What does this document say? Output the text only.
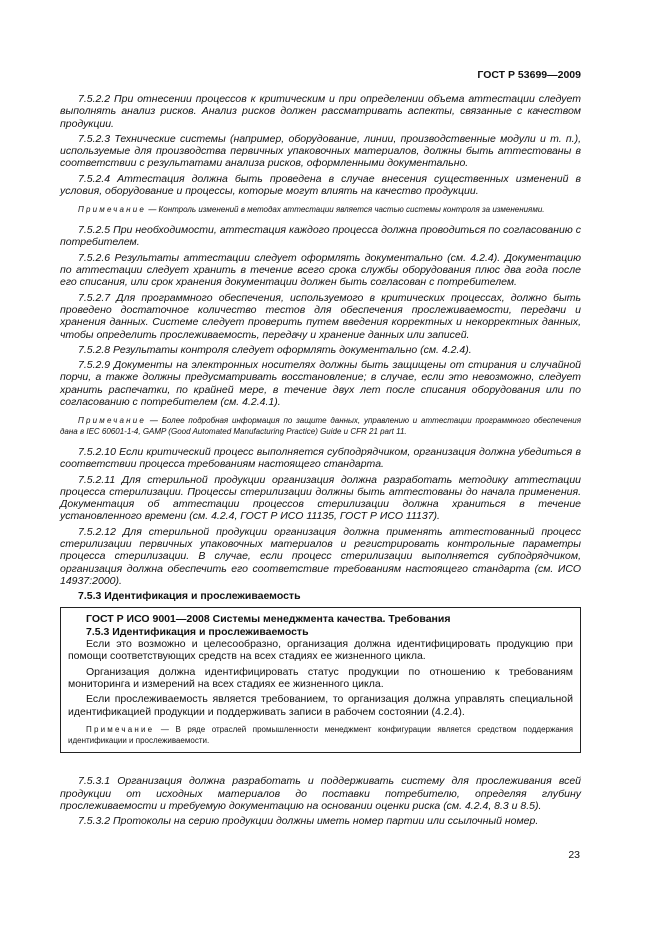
ГОСТ Р 53699—2009

7.5.2.2 При отнесении процессов к критическим и при определении объема аттестации следует выполнять анализ рисков. Анализ рисков должен рассматривать аспекты, связанные с качеством продукции.

7.5.2.3 Технические системы (например, оборудование, линии, производственные модули и т. п.), используемые для производства первичных упаковочных материалов, должны быть аттестованы в соответствии с результатами анализа рисков, оформленными документально.

7.5.2.4 Аттестация должна быть проведена в случае внесения существенных изменений в условия, оборудование и процессы, которые могут влиять на качество продукции.

Примечание — Контроль изменений в методах аттестации является частью системы контроля за изменениями.

7.5.2.5 При необходимости, аттестация каждого процесса должна проводиться по согласованию с потребителем.

7.5.2.6 Результаты аттестации следует оформлять документально (см. 4.2.4). Документацию по аттестации следует хранить в течение всего срока службы оборудования плюс два года после его списания, или срок хранения документации должен быть согласован с потребителем.

7.5.2.7 Для программного обеспечения, используемого в критических процессах, должно быть проведено достаточное количество тестов для обеспечения прослеживаемости, передачи и хранения данных. Системе следует проверить путем введения корректных и некорректных данных, чтобы определить прослеживаемость, передачу и хранение данных или записей.

7.5.2.8 Результаты контроля следует оформлять документально (см. 4.2.4).

7.5.2.9 Документы на электронных носителях должны быть защищены от стирания и случайной порчи, а также должны предусматривать восстановление; в случае, если это невозможно, следует хранить распечатки, по крайней мере, в течение двух лет после списания оборудования или по согласованию с потребителем (см. 4.2.4.1).

Примечание — Более подробная информация по защите данных, управлению и аттестации программного обеспечения дана в IEC 60601-1-4, GAMP (Good Automated Manufacturing Practice) Guide и CFR 21 part 11.

7.5.2.10 Если критический процесс выполняется субподрядчиком, организация должна убедиться в соответствии процесса требованиям настоящего стандарта.

7.5.2.11 Для стерильной продукции организация должна разработать методику аттестации процесса стерилизации. Процессы стерилизации должны быть аттестованы до начала применения. Документация об аттестации процессов стерилизации должна храниться в течение установленного времени (см. 4.2.4, ГОСТ Р ИСО 11135, ГОСТ Р ИСО 11137).

7.5.2.12 Для стерильной продукции организация должна применять аттестованный процесс стерилизации первичных упаковочных материалов и регистрировать контрольные параметры процесса стерилизации. В случае, если процесс стерилизации выполняется субподрядчиком, организация должна обеспечить его соответствие требованиям настоящего стандарта (см. ИСО 14937:2000).

7.5.3 Идентификация и прослеживаемость

ГОСТ Р ИСО 9001—2008 Системы менеджмента качества. Требования

7.5.3 Идентификация и прослеживаемость

Если это возможно и целесообразно, организация должна идентифицировать продукцию при помощи соответствующих средств на всех стадиях ее жизненного цикла.

Организация должна идентифицировать статус продукции по отношению к требованиям мониторинга и измерений на всех стадиях ее жизненного цикла.

Если прослеживаемость является требованием, то организация должна управлять специальной идентификацией продукции и поддерживать записи в рабочем состоянии (4.2.4).

Примечание — В ряде отраслей промышленности менеджмент конфигурации является средством поддержания идентификации и прослеживаемости.

7.5.3.1 Организация должна разработать и поддерживать систему для прослеживания всей продукции от исходных материалов до поставки потребителю, определяя глубину прослеживаемости и требуемую документацию на основании оценки риска (см. 4.2.4, 8.3 и 8.5).

7.5.3.2 Протоколы на серию продукции должны иметь номер партии или ссылочный номер.

23
